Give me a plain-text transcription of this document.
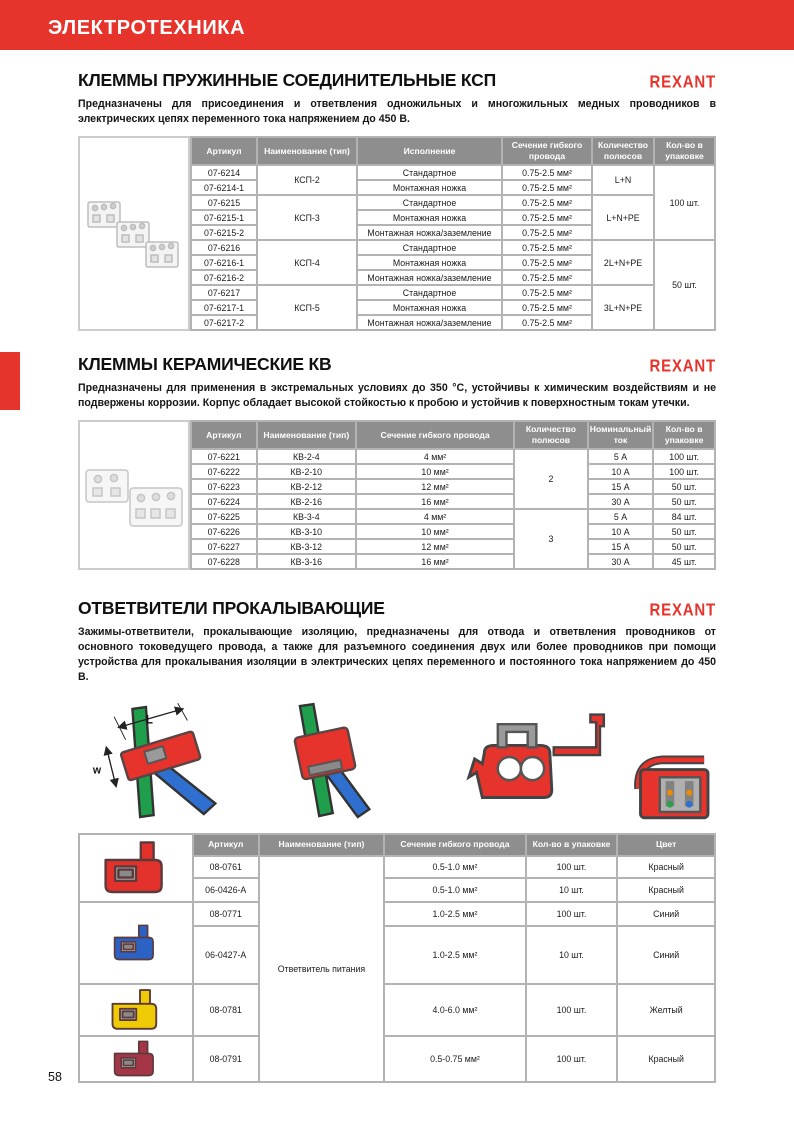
ЭЛЕКТРОТЕХНИКА
КЛЕММЫ ПРУЖИННЫЕ СОЕДИНИТЕЛЬНЫЕ КСП	REXANT

Предназначены для присоединения и ответвления одножильных и многожильных медных проводников в электрических цепях переменного тока напряжением до 450 В.

Артикул	Наименование (тип)	Исполнение	Сечение гибкого провода	Количество полюсов	Кол-во в упаковке
07-6214	КСП-2	Стандартное	0.75-2.5 мм²	L+N	100 шт.
07-6214-1		Монтажная ножка	0.75-2.5 мм²		
07-6215	КСП-3	Стандартное	0.75-2.5 мм²	L+N+PE	
07-6215-1		Монтажная ножка	0.75-2.5 мм²		
07-6215-2		Монтажная ножка/заземление	0.75-2.5 мм²		
07-6216	КСП-4	Стандартное	0.75-2.5 мм²	2L+N+PE	50 шт.
07-6216-1		Монтажная ножка	0.75-2.5 мм²		
07-6216-2		Монтажная ножка/заземление	0.75-2.5 мм²		
07-6217	КСП-5	Стандартное	0.75-2.5 мм²	3L+N+PE	
07-6217-1		Монтажная ножка	0.75-2.5 мм²		
07-6217-2		Монтажная ножка/заземление	0.75-2.5 мм²		
КЛЕММЫ КЕРАМИЧЕСКИЕ КВ	REXANT

Предназначены для применения в экстремальных условиях до 350 °С, устойчивы к химическим воздействиям и не подвержены коррозии. Корпус обладает высокой стойкостью к пробою и устойчив к поверхностным токам утечки.

Артикул	Наименование (тип)	Сечение гибкого провода	Количество полюсов	Номинальный ток	Кол-во в упаковке
07-6221	КВ-2-4	4 мм²	2	5 А	100 шт.
07-6222	КВ-2-10	10 мм²		10 А	100 шт.
07-6223	КВ-2-12	12 мм²		15 А	50 шт.
07-6224	КВ-2-16	16 мм²		30 А	50 шт.
07-6225	КВ-3-4	4 мм²	3	5 А	84 шт.
07-6226	КВ-3-10	10 мм²		10 А	50 шт.
07-6227	КВ-3-12	12 мм²		15 А	50 шт.
07-6228	КВ-3-16	16 мм²		30 А	45 шт.
ОТВЕТВИТЕЛИ ПРОКАЛЫВАЮЩИЕ	REXANT

Зажимы-ответвители, прокалывающие изоляцию, предназначены для отвода и ответвления проводников от основного токоведущего провода, а также для разъемного соединения двух или более проводников при помощи устройства для прокалывания изоляции в электрических цепях переменного и постоянного тока напряжением до 450 В.

L
w
	Артикул	Наименование (тип)	Сечение гибкого провода	Кол-во в упаковке	Цвет
	08-0761	Ответвитель питания	0.5-1.0 мм²	100 шт.	Красный
	06-0426-А		0.5-1.0 мм²	10 шт.	Красный

	08-0771		1.0-2.5 мм²	100 шт.	Синий
	06-0427-А		1.0-2.5 мм²	10 шт.	Синий

	08-0781		4.0-6.0 мм²	100 шт.	Желтый

	08-0791		0.5-0.75 мм²	100 шт.	Красный
58
